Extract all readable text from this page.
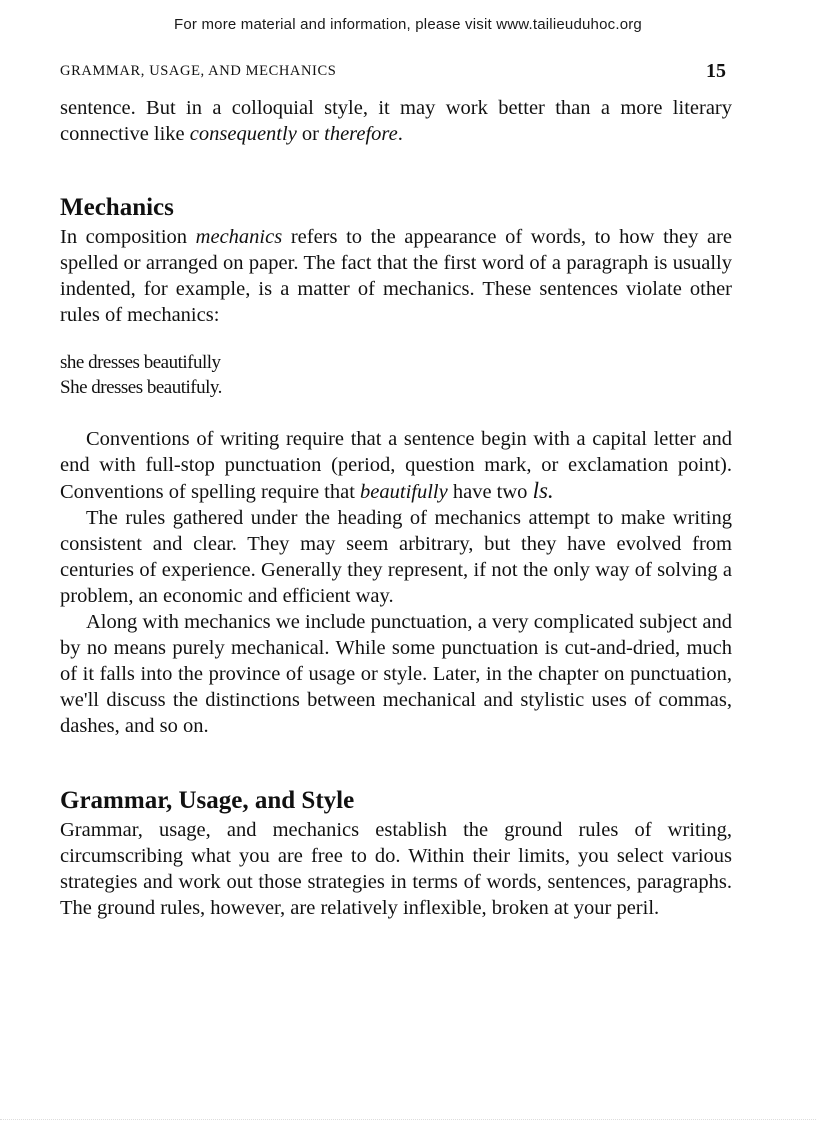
For more material and information, please visit www.tailieuduhoc.org
GRAMMAR, USAGE, AND MECHANICS	15

sentence. But in a colloquial style, it may work better than a more literary connective like consequently or therefore.

Mechanics

In composition mechanics refers to the appearance of words, to how they are spelled or arranged on paper. The fact that the first word of a paragraph is usually indented, for example, is a matter of mechanics. These sentences violate other rules of mechanics:

she dresses beautifully
She dresses beautifuly.

Conventions of writing require that a sentence begin with a capital letter and end with full-stop punctuation (period, question mark, or exclamation point). Conventions of spelling require that beautifully have two ls.

The rules gathered under the heading of mechanics attempt to make writing consistent and clear. They may seem arbitrary, but they have evolved from centuries of experience. Generally they represent, if not the only way of solving a problem, an economic and efficient way.

Along with mechanics we include punctuation, a very complicated subject and by no means purely mechanical. While some punctuation is cut-and-dried, much of it falls into the province of usage or style. Later, in the chapter on punctuation, we'll discuss the distinctions between mechanical and stylistic uses of commas, dashes, and so on.

Grammar, Usage, and Style

Grammar, usage, and mechanics establish the ground rules of writing, circumscribing what you are free to do. Within their limits, you select various strategies and work out those strategies in terms of words, sentences, paragraphs. The ground rules, however, are relatively inflexible, broken at your peril.
